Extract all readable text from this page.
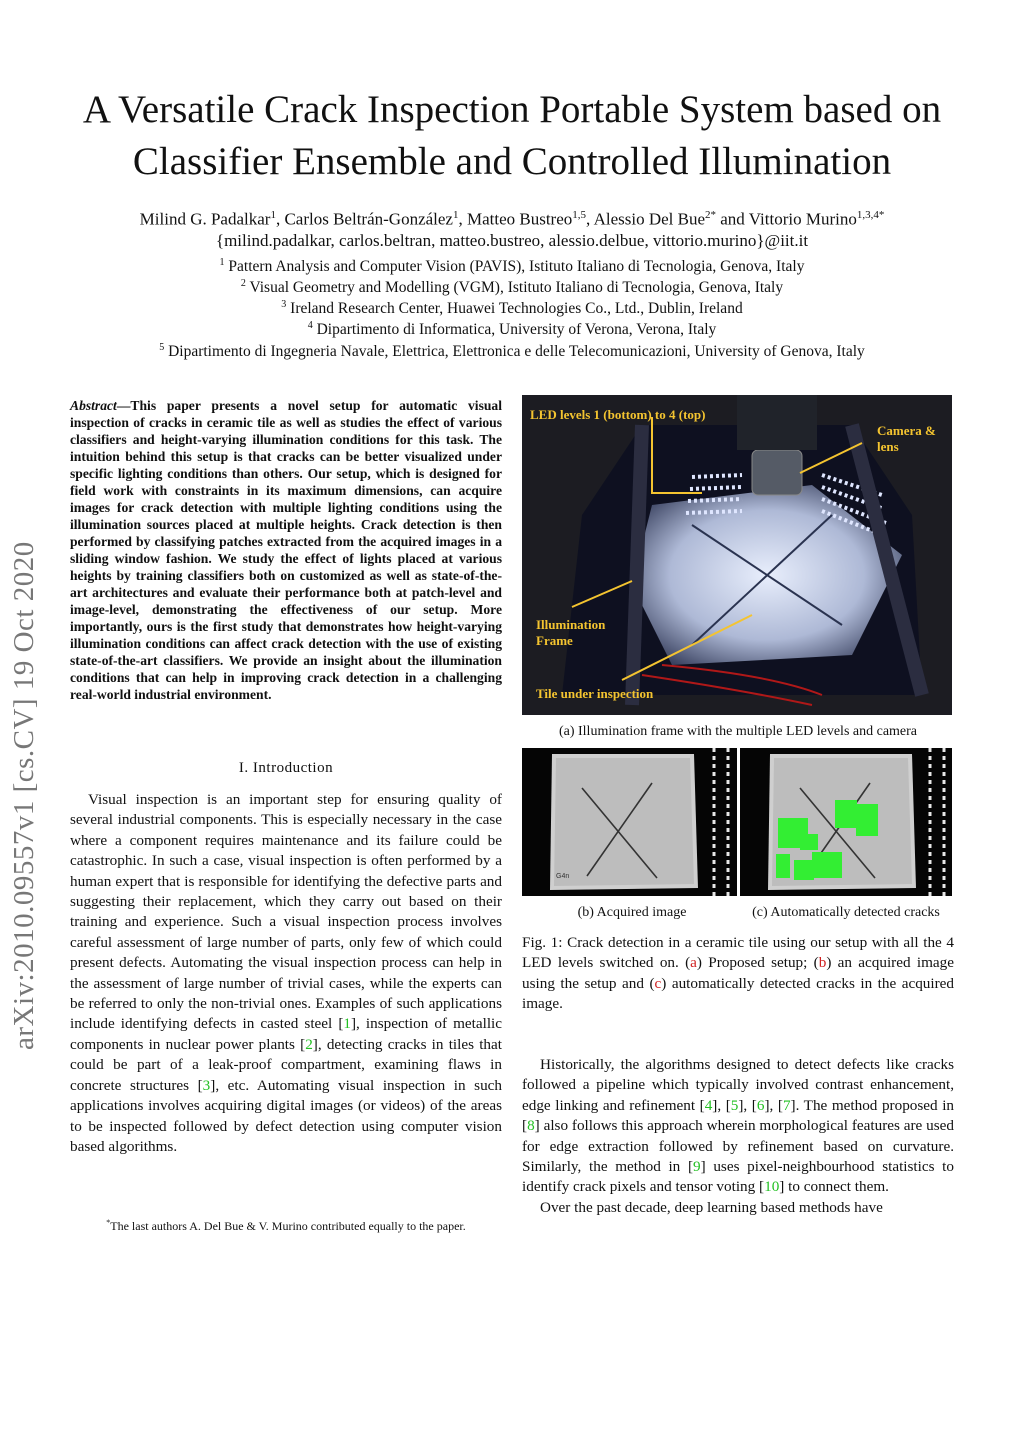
A Versatile Crack Inspection Portable System based on Classifier Ensemble and Controlled Illumination
Milind G. Padalkar$^1$, Carlos Beltrán-González$^1$, Matteo Bustreo$^{1,5}$, Alessio Del Bue$^{2*}$ and Vittorio Murino$^{1,3,4*}$
{milind.padalkar, carlos.beltran, matteo.bustreo, alessio.delbue, vittorio.murino}@iit.it
$^1$ Pattern Analysis and Computer Vision (PAVIS), Istituto Italiano di Tecnologia, Genova, Italy
$^2$ Visual Geometry and Modelling (VGM), Istituto Italiano di Tecnologia, Genova, Italy
$^3$ Ireland Research Center, Huawei Technologies Co., Ltd., Dublin, Ireland
$^4$ Dipartimento di Informatica, University of Verona, Verona, Italy
$^5$ Dipartimento di Ingegneria Navale, Elettrica, Elettronica e delle Telecomunicazioni, University of Genova, Italy
arXiv:2010.09557v1 [cs.CV] 19 Oct 2020
Abstract—This paper presents a novel setup for automatic visual inspection of cracks in ceramic tile as well as studies the effect of various classifiers and height-varying illumination conditions for this task. The intuition behind this setup is that cracks can be better visualized under specific lighting conditions than others. Our setup, which is designed for field work with constraints in its maximum dimensions, can acquire images for crack detection with multiple lighting conditions using the illumination sources placed at multiple heights. Crack detection is then performed by classifying patches extracted from the acquired images in a sliding window fashion. We study the effect of lights placed at various heights by training classifiers both on customized as well as state-of-the-art architectures and evaluate their performance both at patch-level and image-level, demonstrating the effectiveness of our setup. More importantly, ours is the first study that demonstrates how height-varying illumination conditions can affect crack detection with the use of existing state-of-the-art classifiers. We provide an insight about the illumination conditions that can help in improving crack detection in a challenging real-world industrial environment.
I. Introduction

Visual inspection is an important step for ensuring quality of several industrial components. This is especially necessary in the case where a component requires maintenance and its failure could be catastrophic. In such a case, visual inspection is often performed by a human expert that is responsible for identifying the defective parts and suggesting their replacement, which they carry out based on their training and experience. Such a visual inspection process involves careful assessment of large number of parts, only few of which could present defects. Automating the visual inspection process can help in the assessment of large number of trivial cases, while the experts can be referred to only the non-trivial ones. Examples of such applications include identifying defects in casted steel [1], inspection of metallic components in nuclear power plants [2], detecting cracks in tiles that could be part of a leak-proof compartment, examining flaws in concrete structures [3], etc. Automating visual inspection in such applications involves acquiring digital images (or videos) of the areas to be inspected followed by defect detection using computer vision based algorithms.

*The last authors A. Del Bue & V. Murino contributed equally to the paper.
LED levels 1 (bottom) to 4 (top)
Camera & lens
Illumination Frame
Tile under inspection
(a) Illumination frame with the multiple LED levels and camera
G4n
(b) Acquired image	(c) Automatically detected cracks
Fig. 1: Crack detection in a ceramic tile using our setup with all the 4 LED levels switched on. (a) Proposed setup; (b) an acquired image using the setup and (c) automatically detected cracks in the acquired image.

Historically, the algorithms designed to detect defects like cracks followed a pipeline which typically involved contrast enhancement, edge linking and refinement [4], [5], [6], [7]. The method proposed in [8] also follows this approach wherein morphological features are used for edge extraction followed by refinement based on curvature. Similarly, the method in [9] uses pixel-neighbourhood statistics to identify crack pixels and tensor voting [10] to connect them.

Over the past decade, deep learning based methods have
